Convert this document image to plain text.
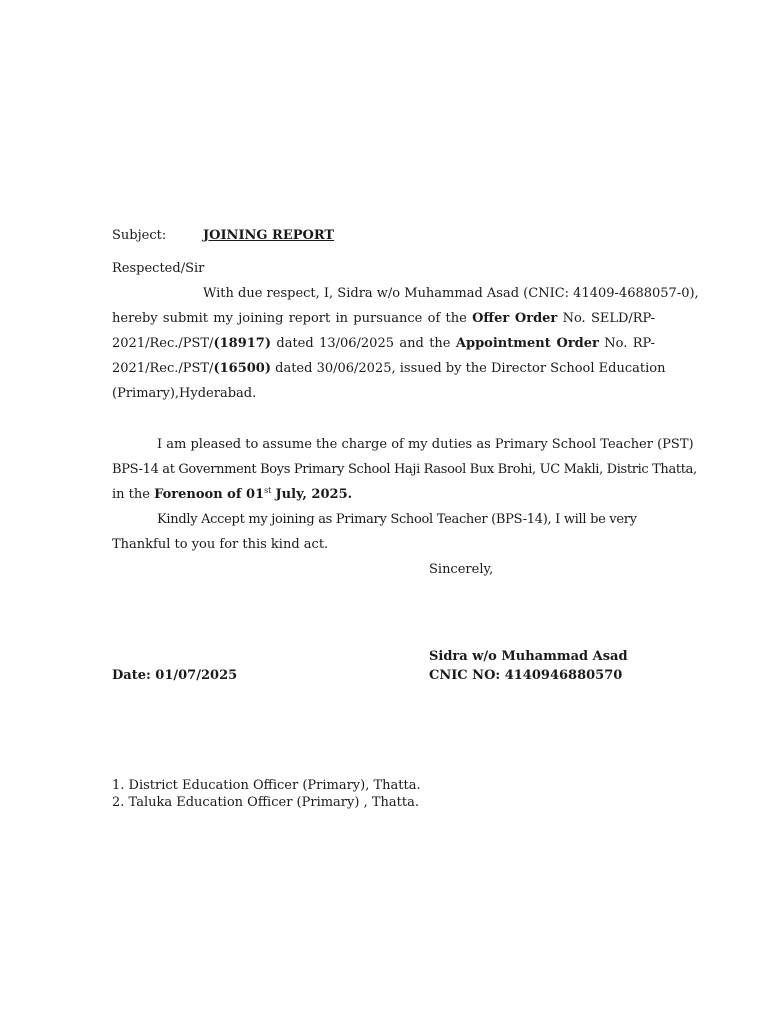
Subject:	JOINING REPORT
Respected/Sir
With due respect, I, Sidra w/o Muhammad Asad (CNIC: 41409-4688057-0),
hereby submit my joining report in pursuance of the Offer Order No. SELD/RP-
2021/Rec./PST/(18917) dated 13/06/2025 and the Appointment Order No. RP-
2021/Rec./PST/(16500) dated 30/06/2025, issued by the Director School Education
(Primary),Hyderabad.
I am pleased to assume the charge of my duties as Primary School Teacher (PST)
BPS-14 at Government Boys Primary School Haji Rasool Bux Brohi, UC Makli, Distric Thatta,
in the Forenoon of 01st July, 2025.
Kindly Accept my joining as Primary School Teacher (BPS-14), I will be very
Thankful to you for this kind act.
Sincerely,
Sidra w/o Muhammad Asad
CNIC NO: 4140946880570
Date: 01/07/2025
1. District Education Officer (Primary), Thatta.
2. Taluka Education Officer (Primary) , Thatta.
